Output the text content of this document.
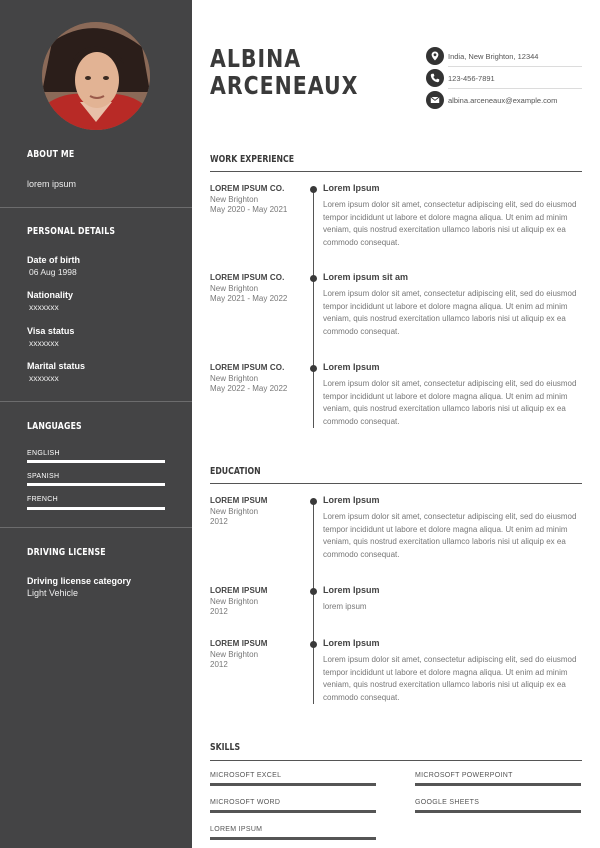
ABOUT ME
lorem ipsum
PERSONAL DETAILS
Date of birth
06 Aug 1998
Nationality
xxxxxxx
Visa status
xxxxxxx
Marital status
xxxxxxx
LANGUAGES
ENGLISH
SPANISH
FRENCH
DRIVING LICENSE
Driving license category
Light Vehicle
ALBINA
ARCENEAUX
India, New Brighton, 12344
123-456-7891
albina.arceneaux@example.com
WORK EXPERIENCE
LOREM IPSUM CO.
New Brighton
May 2020 - May 2021
Lorem Ipsum
Lorem ipsum dolor sit amet, consectetur adipiscing elit, sed do eiusmod tempor incididunt ut labore et dolore magna aliqua. Ut enim ad minim veniam, quis nostrud exercitation ullamco laboris nisi ut aliquip ex ea commodo consequat.
LOREM IPSUM CO.
New Brighton
May 2021 - May 2022
Lorem ipsum sit am
Lorem ipsum dolor sit amet, consectetur adipiscing elit, sed do eiusmod tempor incididunt ut labore et dolore magna aliqua. Ut enim ad minim veniam, quis nostrud exercitation ullamco laboris nisi ut aliquip ex ea commodo consequat.
LOREM IPSUM CO.
New Brighton
May 2022 - May 2022
Lorem Ipsum
Lorem ipsum dolor sit amet, consectetur adipiscing elit, sed do eiusmod tempor incididunt ut labore et dolore magna aliqua. Ut enim ad minim veniam, quis nostrud exercitation ullamco laboris nisi ut aliquip ex ea commodo consequat.
EDUCATION
LOREM IPSUM
New Brighton
2012
Lorem Ipsum
Lorem ipsum dolor sit amet, consectetur adipiscing elit, sed do eiusmod tempor incididunt ut labore et dolore magna aliqua. Ut enim ad minim veniam, quis nostrud exercitation ullamco laboris nisi ut aliquip ex ea commodo consequat.
LOREM IPSUM
New Brighton
2012
Lorem Ipsum
lorem ipsum
LOREM IPSUM
New Brighton
2012
Lorem Ipsum
Lorem ipsum dolor sit amet, consectetur adipiscing elit, sed do eiusmod tempor incididunt ut labore et dolore magna aliqua. Ut enim ad minim veniam, quis nostrud exercitation ullamco laboris nisi ut aliquip ex ea commodo consequat.
SKILLS
MICROSOFT EXCEL	MICROSOFT POWERPOINT
MICROSOFT WORD	GOOGLE SHEETS
LOREM IPSUM
